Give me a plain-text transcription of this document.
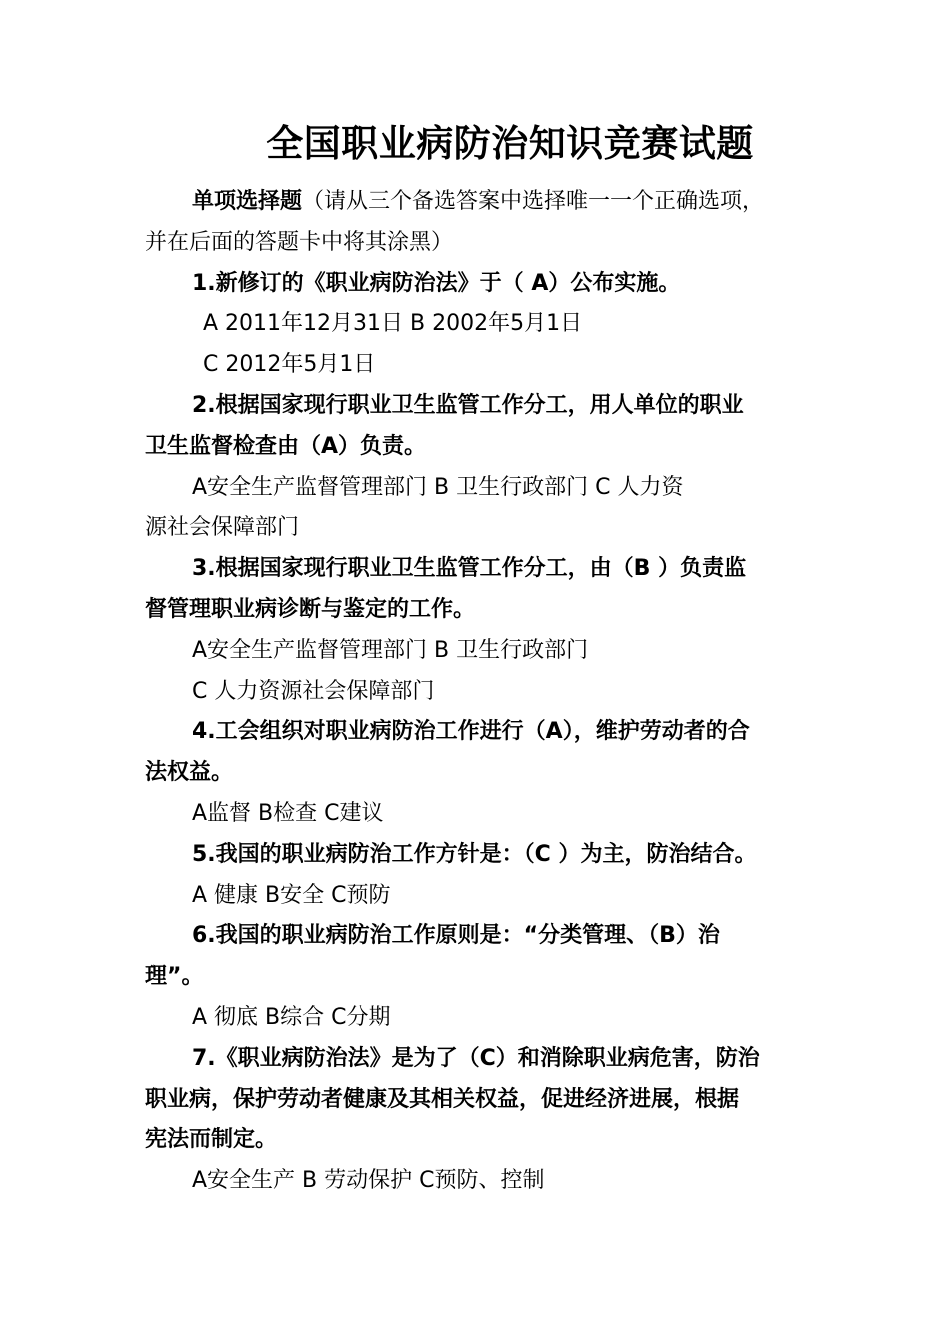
全国职业病防治知识竞赛试题
单项选择题（请从三个备选答案中选择唯一一个正确选项，
并在后面的答题卡中将其涂黑）
1.新修订的《职业病防治法》于（ A）公布实施。
A 2011年12月31日 B 2002年5月1日
C 2012年5月1日
2.根据国家现行职业卫生监管工作分工，用人单位的职业
卫生监督检查由（A）负责。
A安全生产监督管理部门 B 卫生行政部门 C 人力资
源社会保障部门
3.根据国家现行职业卫生监管工作分工，由（B ）负责监
督管理职业病诊断与鉴定的工作。
A安全生产监督管理部门 B 卫生行政部门
C 人力资源社会保障部门
4.工会组织对职业病防治工作进行（A），维护劳动者的合
法权益。
A监督 B检查 C建议
5.我国的职业病防治工作方针是：（C ）为主，防治结合。
A 健康 B安全 C预防
6.我国的职业病防治工作原则是：“分类管理、（B）治
理”。
A 彻底 B综合 C分期
7.《职业病防治法》是为了（C）和消除职业病危害，防治
职业病，保护劳动者健康及其相关权益，促进经济进展，根据
宪法而制定。
A安全生产 B 劳动保护 C预防、控制
